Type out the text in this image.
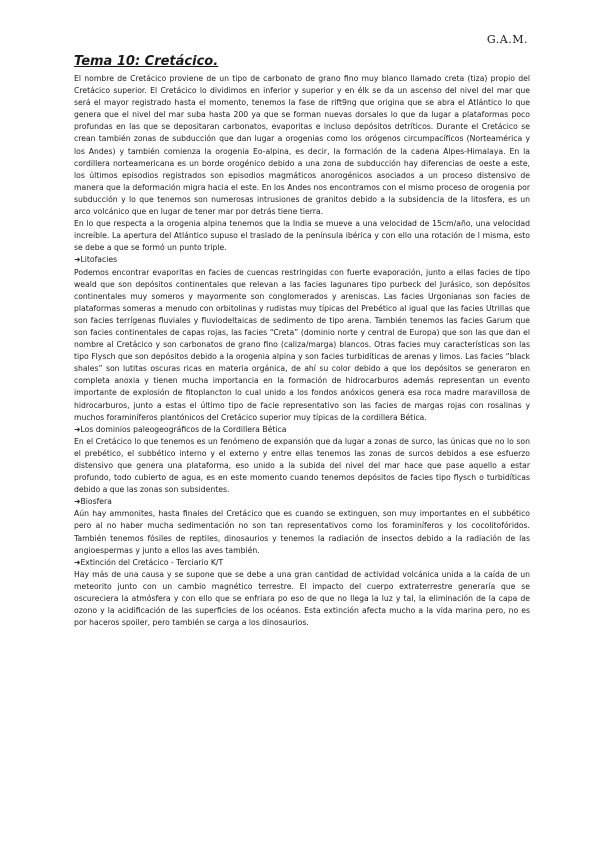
G.A.M.
Tema 10: Cretácico.

El nombre de Cretácico proviene de un tipo de carbonato de grano fino muy blanco llamado creta (tiza) propio del Cretácico superior. El Cretácico lo dividimos en inferior y superior y en élk se da un ascenso del nivel del mar que será el mayor registrado hasta el momento, tenemos la fase de rift9ng que origina que se abra el Atlántico lo que genera que el nivel del mar suba hasta 200 ya que se forman nuevas dorsales lo que da lugar a plataformas poco profundas en las que se depositaran carbonatos, evaporitas e incluso depósitos detríticos. Durante el Cretácico se crean también zonas de subducción que dan lugar a orogenias como los orógenos circumpacíficos (Norteamérica y los Andes) y también comienza la orogenia Eo-alpina, es decir, la formación de la cadena Alpes-Himalaya. En la cordillera norteamericana es un borde orogénico debido a una zona de subducción hay diferencias de oeste a este, los últimos episodios registrados son episodios magmáticos anorogénicos asociados a un proceso distensivo de manera que la deformación migra hacia el este. En los Andes nos encontramos con el mismo proceso de orogenia por subducción y lo que tenemos son numerosas intrusiones de granitos debido a la subsidencia de la litosfera, es un arco volcánico que en lugar de tener mar por detrás tiene tierra.

En lo que respecta a la orogenia alpina tenemos que la India se mueve a una velocidad de 15cm/año, una velocidad increíble. La apertura del Atlántico supuso el traslado de la península ibérica y con ello una rotación de l misma, esto se debe a que se formó un punto triple.

➜Litofacies

Podemos encontrar evaporitas en facies de cuencas restringidas con fuerte evaporación, junto a ellas facies de tipo weald que son depósitos continentales que relevan a las facies lagunares tipo purbeck del Jurásico, son depósitos continentales muy someros y mayormente son conglomerados y areniscas. Las facies Urgonianas son facies de plataformas someras a menudo con orbitolinas y rudistas muy típicas del Prebético al igual que las facies Utrillas que son facies terrígenas fluviales y fluviodeltaicas de sedimento de tipo arena. También tenemos las facies Garum que son facies continentales de capas rojas, las facies “Creta” (dominio norte y central de Europa) que son las que dan el nombre al Cretácico y son carbonatos de grano fino (caliza/marga) blancos. Otras facies muy características son las tipo Flysch que son depósitos debido a la orogenia alpina y son facies turbidíticas de arenas y limos. Las facies “black shales” son lutitas oscuras ricas en materia orgánica, de ahí su color debido a que los depósitos se generaron en completa anoxia y tienen mucha importancia en la formación de hidrocarburos además representan un evento importante de explosión de fitoplancton lo cual unido a los fondos anóxicos genera esa roca madre maravillosa de hidrocarburos, junto a estas el último tipo de facie representativo son las facies de margas rojas con rosalinas y muchos foraminíferos plantónicos del Cretácico superior muy típicas de la cordillera Bética.

➜Los dominios paleogeográficos de la Cordillera Bética

En el Cretácico lo que tenemos es un fenómeno de expansión que da lugar a zonas de surco, las únicas que no lo son el prebético, el subbético interno y el externo y entre ellas tenemos las zonas de surcos debidos a ese esfuerzo distensivo que genera una plataforma, eso unido a la subida del nivel del mar hace que pase aquello a estar profundo, todo cubierto de agua, es en este momento cuando tenemos depósitos de facies tipo flysch o turbidíticas debido a que las zonas son subsidentes.

➜Biosfera

Aún hay ammonites, hasta finales del Cretácico que es cuando se extinguen, son muy importantes en el subbético pero al no haber mucha sedimentación no son tan representativos como los foraminíferos y los cocolitofóridos. También tenemos fósiles de reptiles, dinosaurios y tenemos la radiación de insectos debido a la radiación de las angioespermas y junto a ellos las aves también.

➜Extinción del Cretácico - Terciario K/T

Hay más de una causa y se supone que se debe a una gran cantidad de actividad volcánica unida a la caída de un meteorito junto con un cambio magnético terrestre. El impacto del cuerpo extraterrestre generaría que se oscureciera la atmósfera y con ello que se enfriara po eso de que no llega la luz y tal, la eliminación de la capa de ozono y la acidificación de las superficies de los océanos. Esta extinción afecta mucho a la vida marina pero, no es por haceros spoiler, pero también se carga a los dinosaurios.
